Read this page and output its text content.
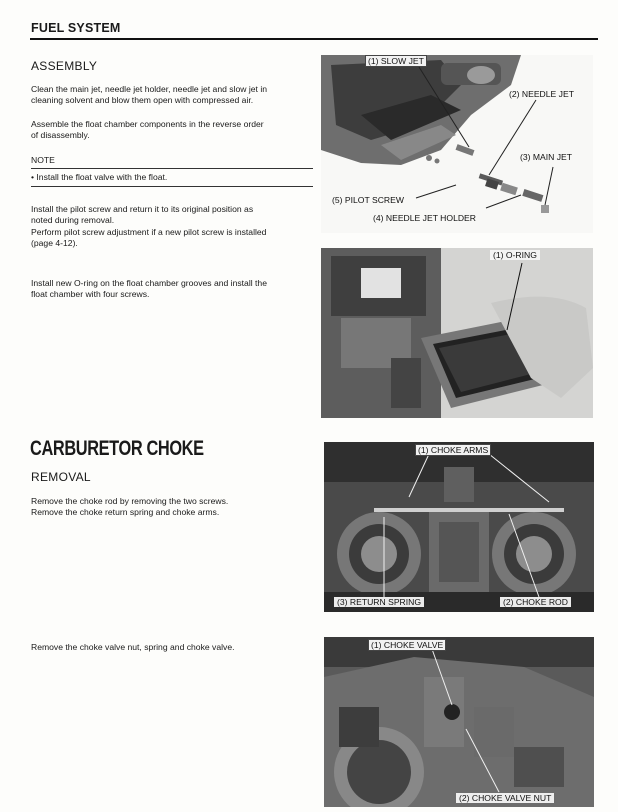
FUEL SYSTEM
ASSEMBLY
Clean the main jet, needle jet holder, needle jet and slow jet in
cleaning solvent and blow them open with compressed air.
Assemble the float chamber components in the reverse order
of disassembly.
NOTE
• Install the float valve with the float.
Install the pilot screw and return it to its original position as
noted during removal.
Perform pilot screw adjustment if a new pilot screw is installed
(page 4-12).
Install new O-ring on the float chamber grooves and install the
float chamber with four screws.
(1) SLOW JET
(2) NEEDLE JET
(3) MAIN JET
(5) PILOT SCREW
(4) NEEDLE JET HOLDER
(1) O-RING
CARBURETOR CHOKE
REMOVAL
Remove the choke rod by removing the two screws.
Remove the choke return spring and choke arms.
Remove the choke valve nut, spring and choke valve.
(1) CHOKE ARMS
(3) RETURN SPRING	(2) CHOKE ROD
(1) CHOKE VALVE
(2) CHOKE VALVE NUT
